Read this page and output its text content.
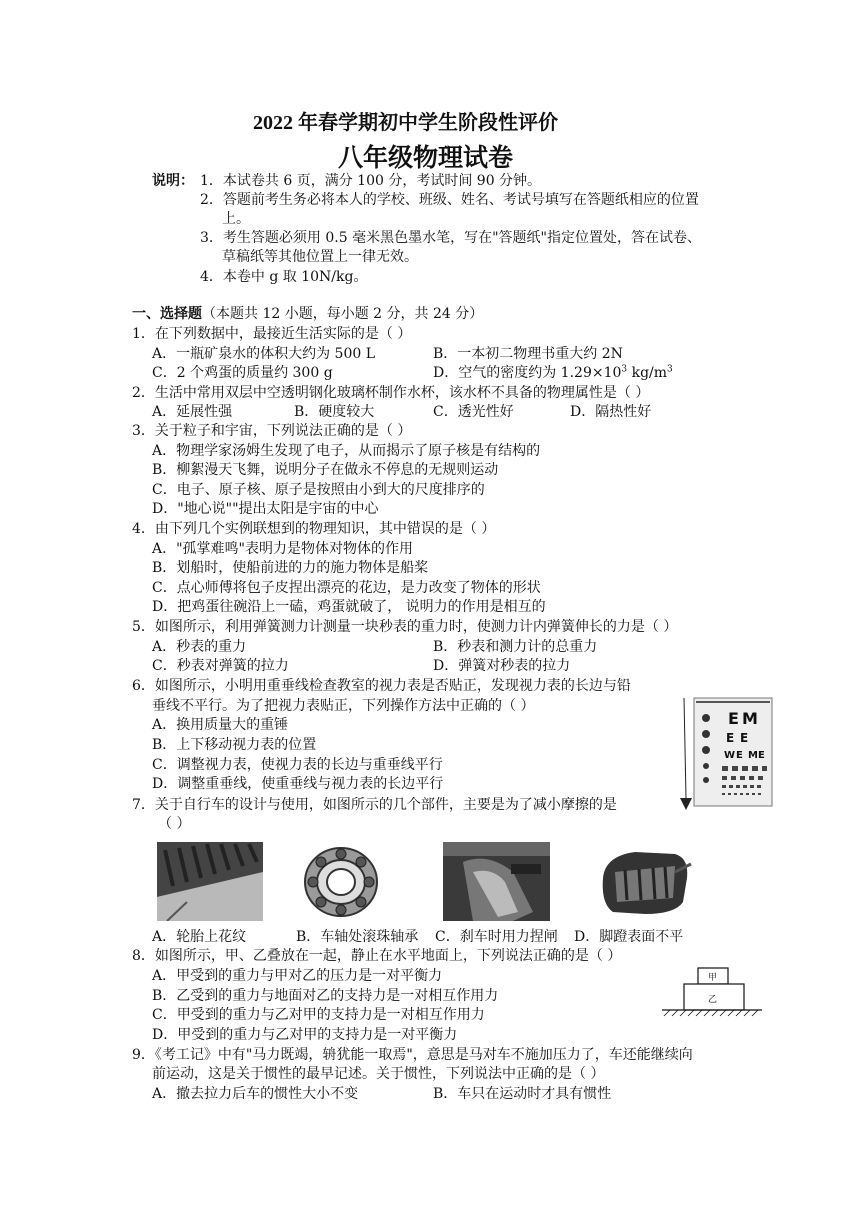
2022 年春学期初中学生阶段性评价
八年级物理试卷
说明： 1．本试卷共 6 页，满分 100 分，考试时间 90 分钟。
2．答题前考生务必将本人的学校、班级、姓名、考试号填写在答题纸相应的位置
上。
3．考生答题必须用 0.5 毫米黑色墨水笔，写在"答题纸"指定位置处，答在试卷、
草稿纸等其他位置上一律无效。
4．本卷中 g 取 10N/kg。
一、选择题（本题共 12 小题，每小题 2 分，共 24 分）
1．在下列数据中，最接近生活实际的是（ ）
A．一瓶矿泉水的体积大约为 500 L	B．一本初二物理书重大约 2N
C．2 个鸡蛋的质量约 300 g	D．空气的密度约为 $1.29\times 10^3$ $kg/m^3$
2．生活中常用双层中空透明钢化玻璃杯制作水杯，该水杯不具备的物理属性是（ ）
A．延展性强	B．硬度较大	C．透光性好	D．隔热性好
3．关于粒子和宇宙，下列说法正确的是（ ）
A．物理学家汤姆生发现了电子，从而揭示了原子核是有结构的
B．柳絮漫天飞舞，说明分子在做永不停息的无规则运动
C．电子、原子核、原子是按照由小到大的尺度排序的
D．"地心说""提出太阳是宇宙的中心
4．由下列几个实例联想到的物理知识，其中错误的是（ ）
A．"孤掌难鸣"表明力是物体对物体的作用
B．划船时，使船前进的力的施力物体是船桨
C．点心师傅将包子皮捏出漂亮的花边，是力改变了物体的形状
D．把鸡蛋往碗沿上一磕，鸡蛋就破了， 说明力的作用是相互的
5．如图所示，利用弹簧测力计测量一块秒表的重力时，使测力计内弹簧伸长的力是（ ）
A．秒表的重力	B．秒表和测力计的总重力
C．秒表对弹簧的拉力	D．弹簧对秒表的拉力
6．如图所示，小明用重垂线检查教室的视力表是否贴正，发现视力表的长边与铅
垂线不平行。为了把视力表贴正，下列操作方法中正确的（ ）
A．换用质量大的重锤
B．上下移动视力表的位置
C．调整视力表，使视力表的长边与重垂线平行
D．调整重垂线，使重垂线与视力表的长边平行
E M
E E
W E M E
7．关于自行车的设计与使用，如图所示的几个部件，主要是为了减小摩擦的是
（ ）
A．轮胎上花纹	B．车轴处滚珠轴承 C．刹车时用力捏闸 D．脚蹬表面不平
8．如图所示，甲、乙叠放在一起，静止在水平地面上，下列说法正确的是（ ）
A．甲受到的重力与甲对乙的压力是一对平衡力
B．乙受到的重力与地面对乙的支持力是一对相互作用力
C．甲受到的重力与乙对甲的支持力是一对相互作用力
D．甲受到的重力与乙对甲的支持力是一对平衡力
甲
乙
9．《考工记》中有"马力既竭，辀犹能一取焉"，意思是马对车不施加压力了，车还能继续向
前运动，这是关于惯性的最早记述。关于惯性，下列说法中正确的是（ ）
A．撤去拉力后车的惯性大小不变	B．车只在运动时才具有惯性
